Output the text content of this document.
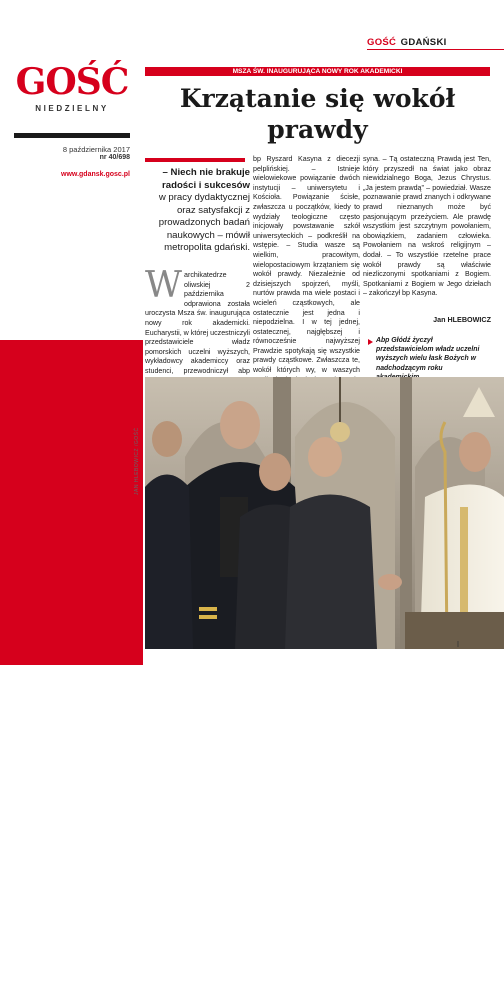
GOŚĆ
NIEDZIELNY
8 października 2017
nr 40/698
www.gdansk.gosc.pl
Archidiecezja gdańska
GOŚĆ GDAŃSKI
MSZA ŚW. INAUGURUJĄCA NOWY ROK AKADEMICKI
Krzątanie się wokół prawdy
– Niech nie brakuje radości i sukcesów
w pracy dydaktycznej oraz satysfakcji z prowadzonych badań naukowych – mówił metropolita gdański.
Warchikatedrze oliwskiej 2 października odprawiona została uroczysta Msza św. inaugurująca nowy rok akademicki. Eucharystii, w której uczestniczyli przedstawiciele władz pomorskich uczelni wyższych, wykładowcy akademiccy oraz studenci, przewodniczył abp
bp Ryszard Kasyna z diecezji pelplińskiej. – Istnieje wielowiekowe powiązanie dwóch instytucji – uniwersytetu i Kościoła. Powiązanie ścisłe, zwłaszcza u początków, kiedy to wydziały teologiczne często inicjowały powstawanie szkół uniwersyteckich – podkreślił na wstępie. – Studia wasze są wielkim, pracowitym, wielopostaciowym krzątaniem się wokół prawdy. Niezależnie od dzisiejszych spojrzeń, myśli, nurtów prawda ma wiele postaci i wcieleń cząstkowych, ale ostatecznie jest jedna i niepodzielna. I w tej jednej, ostatecznej, najgłębszej i równocześnie najwyższej Prawdzie spotykają się wszystkie prawdy cząstkowe. Zwłaszcza te, wokół których wy, w waszych
syna. – Tą ostateczną Prawdą jest Ten, który przyszedł na świat jako obraz niewidzialnego Boga, Jezus Chrystus. „Ja jestem prawdą” – powiedział. Wasze poznawanie prawd znanych i odkrywane prawd nieznanych może być pasjonującym przeżyciem. Ale prawdę wszystkim jest szczytnym powołaniem, obowiązkiem, zadaniem człowieka. Powołaniem na wskroś religijnym – dodał. – To wszystkie rzetelne prace wokół prawdy są właściwie niezliczonymi spotkaniami z Bogiem. Spotkaniami z Bogiem w Jego dziełach – zakończył bp Kasyna.
Jan HLEBOWICZ
Abp Głódź życzył przedstawicielom władz uczelni wyższych wielu łask Bożych w nadchodzącym roku
JAN HLEBOWICZ /GOŚĆ
I
